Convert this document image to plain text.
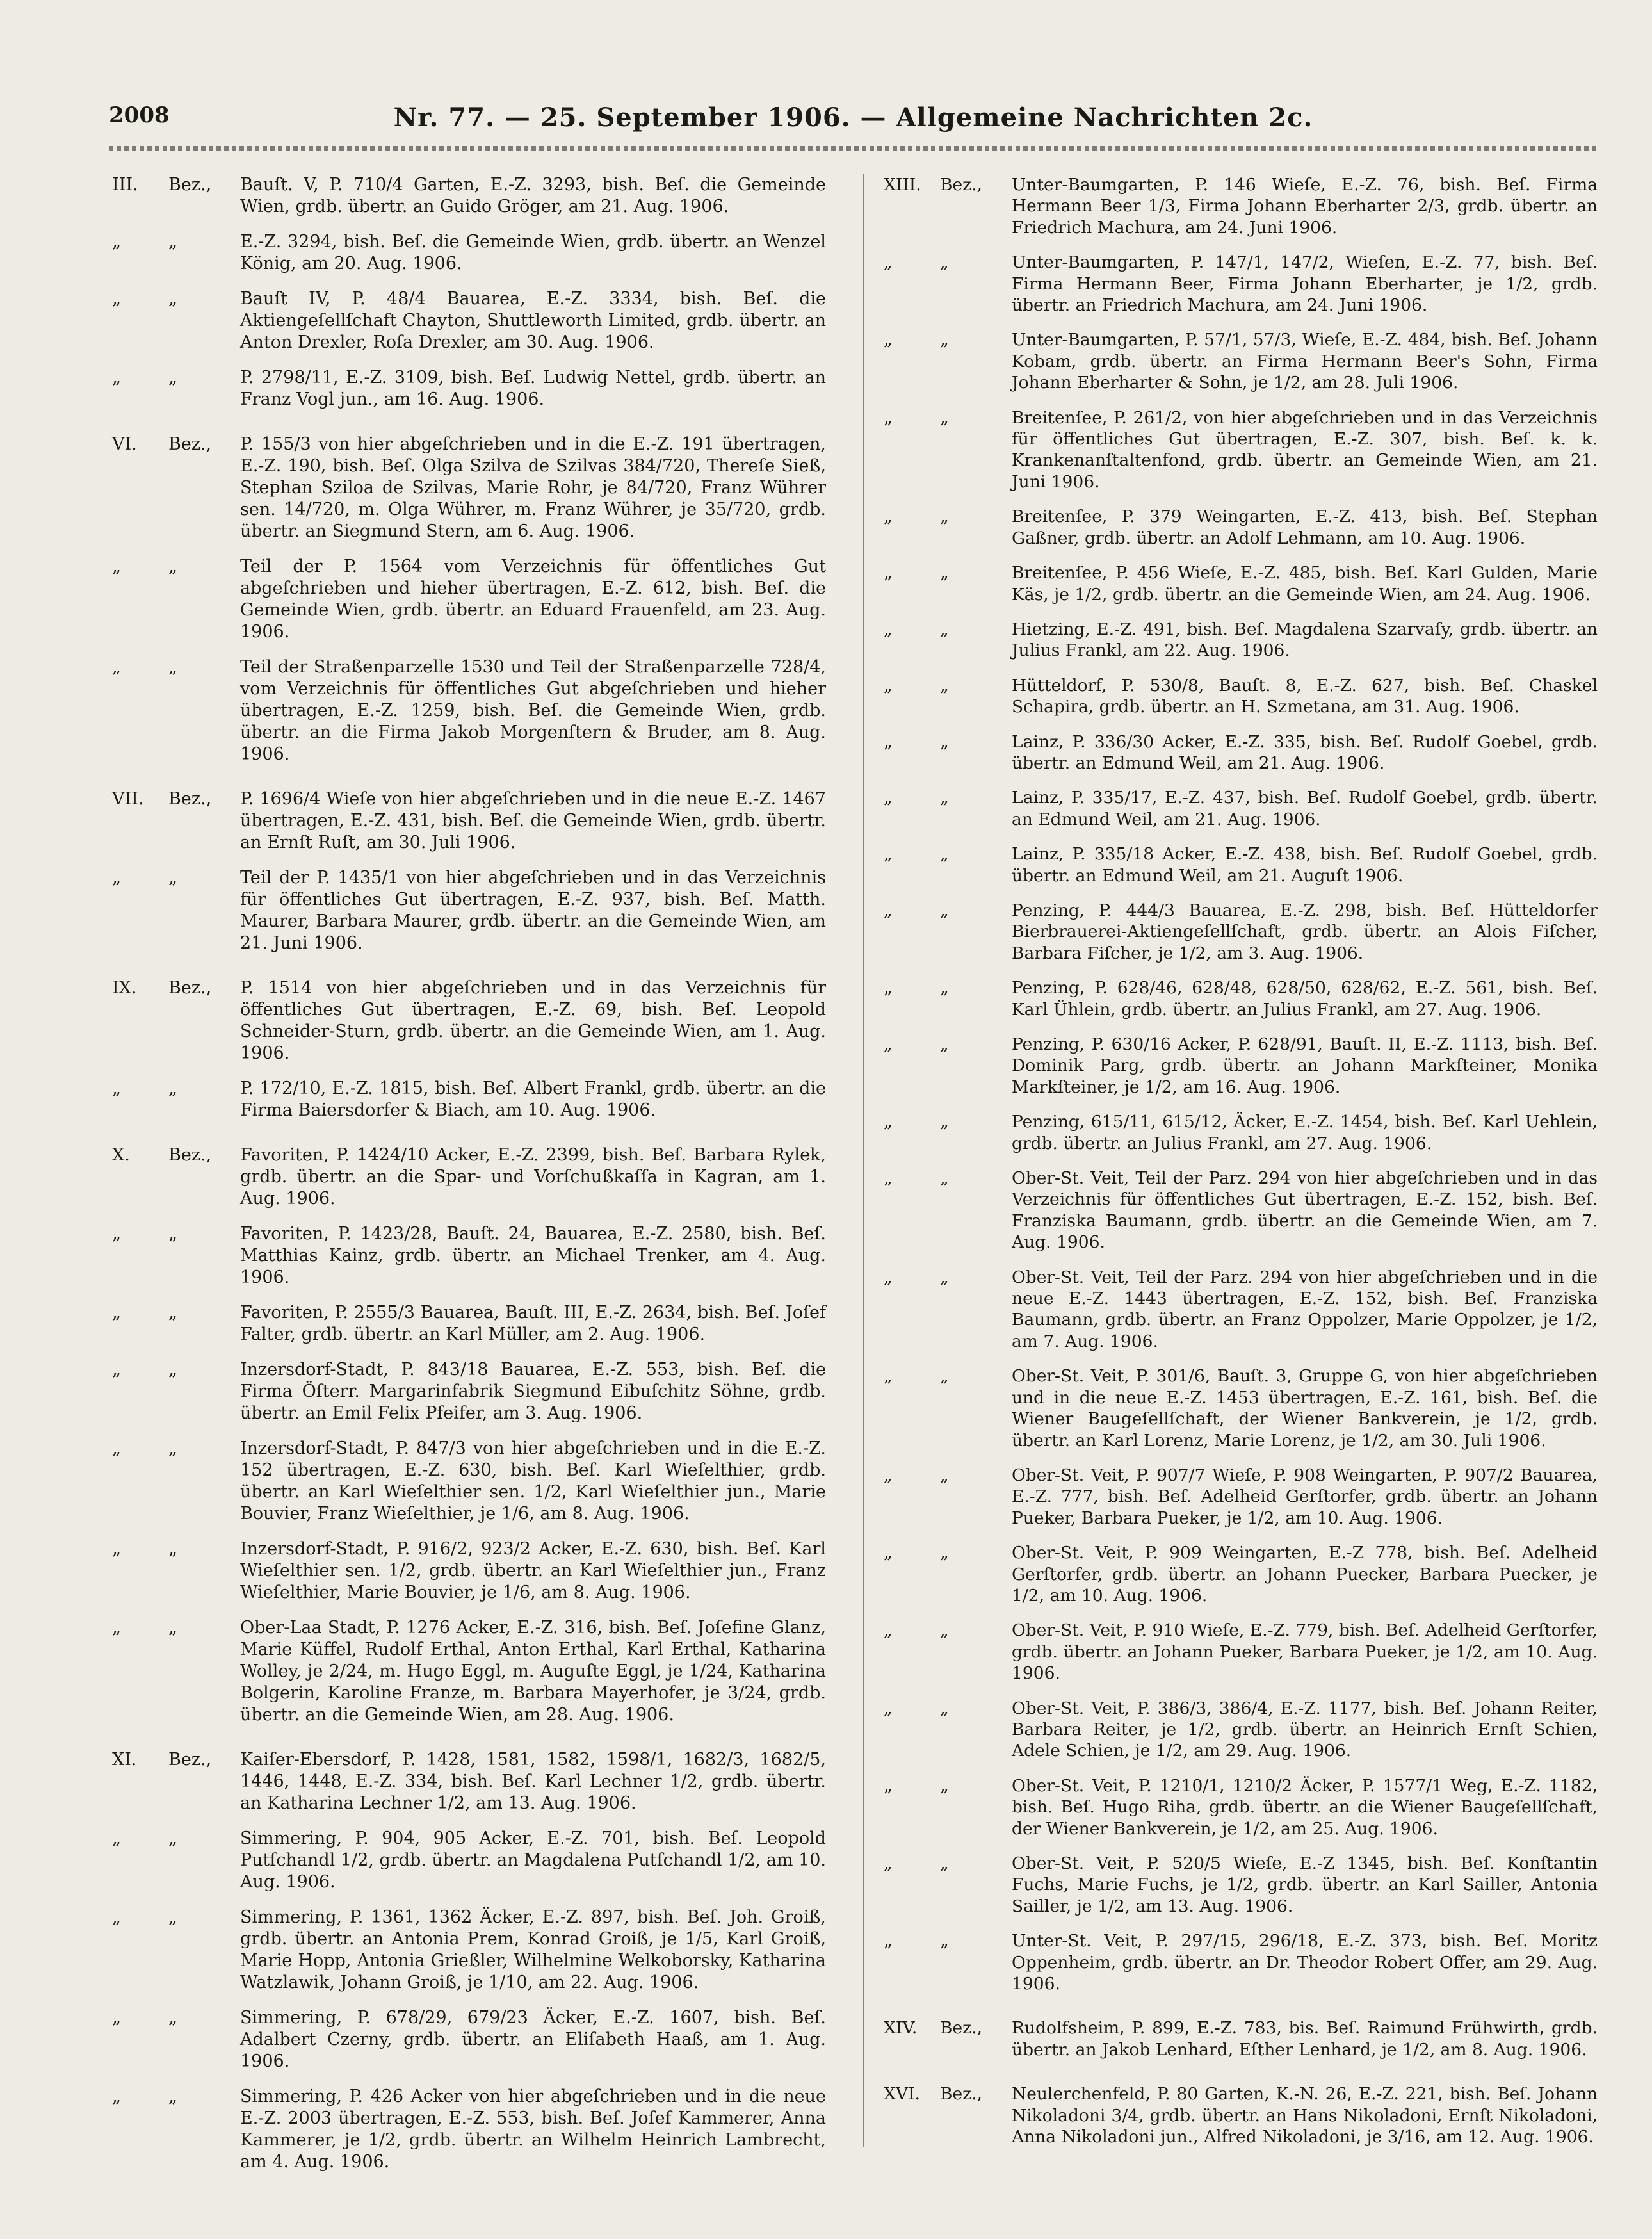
2008	Nr. 77. — 25. September 1906. — Allgemeine Nachrichten 2c.
III.	Bez.,	Bauſt. V, P. 710/4 Garten, E.-Z. 3293, bish. Beſ. die Gemeinde Wien, grdb. übertr. an Guido Gröger, am 21. Aug. 1906.
„	„	E.-Z. 3294, bish. Beſ. die Gemeinde Wien, grdb. übertr. an Wenzel König, am 20. Aug. 1906.
„	„	Bauſt IV, P. 48/4 Bauarea, E.-Z. 3334, bish. Beſ. die Aktiengeſellſchaft Chayton, Shuttleworth Limited, grdb. übertr. an Anton Drexler, Roſa Drexler, am 30. Aug. 1906.
„	„	P. 2798/11, E.-Z. 3109, bish. Beſ. Ludwig Nettel, grdb. übertr. an Franz Vogl jun., am 16. Aug. 1906.
VI.	Bez.,	P. 155/3 von hier abgeſchrieben und in die E.-Z. 191 übertragen, E.-Z. 190, bish. Beſ. Olga Szilva de Szilvas 384/720, Thereſe Sieß, Stephan Sziloa de Szilvas, Marie Rohr, je 84/720, Franz Wührer sen. 14/720, m. Olga Wührer, m. Franz Wührer, je 35/720, grdb. übertr. an Siegmund Stern, am 6. Aug. 1906.
„	„	Teil der P. 1564 vom Verzeichnis für öffentliches Gut abgeſchrieben und hieher übertragen, E.-Z. 612, bish. Beſ. die Gemeinde Wien, grdb. übertr. an Eduard Frauenfeld, am 23. Aug. 1906.
„	„	Teil der Straßenparzelle 1530 und Teil der Straßenparzelle 728/4, vom Verzeichnis für öffentliches Gut abgeſchrieben und hieher übertragen, E.-Z. 1259, bish. Beſ. die Gemeinde Wien, grdb. übertr. an die Firma Jakob Morgenſtern & Bruder, am 8. Aug. 1906.
VII.	Bez.,	P. 1696/4 Wieſe von hier abgeſchrieben und in die neue E.-Z. 1467 übertragen, E.-Z. 431, bish. Beſ. die Gemeinde Wien, grdb. übertr. an Ernſt Ruſt, am 30. Juli 1906.
„	„	Teil der P. 1435/1 von hier abgeſchrieben und in das Verzeichnis für öffentliches Gut übertragen, E.-Z. 937, bish. Beſ. Matth. Maurer, Barbara Maurer, grdb. übertr. an die Gemeinde Wien, am 21. Juni 1906.
IX.	Bez.,	P. 1514 von hier abgeſchrieben und in das Verzeichnis für öffentliches Gut übertragen, E.-Z. 69, bish. Beſ. Leopold Schneider-Sturn, grdb. übertr. an die Gemeinde Wien, am 1. Aug. 1906.
„	„	P. 172/10, E.-Z. 1815, bish. Beſ. Albert Frankl, grdb. übertr. an die Firma Baiersdorfer & Biach, am 10. Aug. 1906.
X.	Bez.,	Favoriten, P. 1424/10 Acker, E.-Z. 2399, bish. Beſ. Barbara Rylek, grdb. übertr. an die Spar- und Vorſchußkaſſa in Kagran, am 1. Aug. 1906.
„	„	Favoriten, P. 1423/28, Bauſt. 24, Bauarea, E.-Z. 2580, bish. Beſ. Matthias Kainz, grdb. übertr. an Michael Trenker, am 4. Aug. 1906.
„	„	Favoriten, P. 2555/3 Bauarea, Bauſt. III, E.-Z. 2634, bish. Beſ. Joſef Falter, grdb. übertr. an Karl Müller, am 2. Aug. 1906.
„	„	Inzersdorf-Stadt, P. 843/18 Bauarea, E.-Z. 553, bish. Beſ. die Firma Öſterr. Margarinfabrik Siegmund Eibuſchitz Söhne, grdb. übertr. an Emil Felix Pfeifer, am 3. Aug. 1906.
„	„	Inzersdorf-Stadt, P. 847/3 von hier abgeſchrieben und in die E.-Z. 152 übertragen, E.-Z. 630, bish. Beſ. Karl Wieſelthier, grdb. übertr. an Karl Wieſelthier sen. 1/2, Karl Wieſelthier jun., Marie Bouvier, Franz Wieſelthier, je 1/6, am 8. Aug. 1906.
„	„	Inzersdorf-Stadt, P. 916/2, 923/2 Acker, E.-Z. 630, bish. Beſ. Karl Wieſelthier sen. 1/2, grdb. übertr. an Karl Wieſelthier jun., Franz Wieſelthier, Marie Bouvier, je 1/6, am 8. Aug. 1906.
„	„	Ober-Laa Stadt, P. 1276 Acker, E.-Z. 316, bish. Beſ. Joſefine Glanz, Marie Küffel, Rudolf Erthal, Anton Erthal, Karl Erthal, Katharina Wolley, je 2/24, m. Hugo Eggl, m. Auguſte Eggl, je 1/24, Katharina Bolgerin, Karoline Franze, m. Barbara Mayerhofer, je 3/24, grdb. übertr. an die Gemeinde Wien, am 28. Aug. 1906.
XI.	Bez.,	Kaiſer-Ebersdorf, P. 1428, 1581, 1582, 1598/1, 1682/3, 1682/5, 1446, 1448, E.-Z. 334, bish. Beſ. Karl Lechner 1/2, grdb. übertr. an Katharina Lechner 1/2, am 13. Aug. 1906.
„	„	Simmering, P. 904, 905 Acker, E.-Z. 701, bish. Beſ. Leopold Putſchandl 1/2, grdb. übertr. an Magdalena Putſchandl 1/2, am 10. Aug. 1906.
„	„	Simmering, P. 1361, 1362 Äcker, E.-Z. 897, bish. Beſ. Joh. Groiß, grdb. übertr. an Antonia Prem, Konrad Groiß, je 1/5, Karl Groiß, Marie Hopp, Antonia Grießler, Wilhelmine Welkoborsky, Katharina Watzlawik, Johann Groiß, je 1/10, am 22. Aug. 1906.
„	„	Simmering, P. 678/29, 679/23 Äcker, E.-Z. 1607, bish. Beſ. Adalbert Czerny, grdb. übertr. an Eliſabeth Haaß, am 1. Aug. 1906.
„	„	Simmering, P. 426 Acker von hier abgeſchrieben und in die neue E.-Z. 2003 übertragen, E.-Z. 553, bish. Beſ. Joſef Kammerer, Anna Kammerer, je 1/2, grdb. übertr. an Wilhelm Heinrich Lambrecht, am 4. Aug. 1906.
XIII.	Bez.,	Unter-Baumgarten, P. 146 Wieſe, E.-Z. 76, bish. Beſ. Firma Hermann Beer 1/3, Firma Johann Eberharter 2/3, grdb. übertr. an Friedrich Machura, am 24. Juni 1906.
„	„	Unter-Baumgarten, P. 147/1, 147/2, Wieſen, E.-Z. 77, bish. Beſ. Firma Hermann Beer, Firma Johann Eberharter, je 1/2, grdb. übertr. an Friedrich Machura, am 24. Juni 1906.
„	„	Unter-Baumgarten, P. 57/1, 57/3, Wieſe, E.-Z. 484, bish. Beſ. Johann Kobam, grdb. übertr. an Firma Hermann Beer's Sohn, Firma Johann Eberharter & Sohn, je 1/2, am 28. Juli 1906.
„	„	Breitenſee, P. 261/2, von hier abgeſchrieben und in das Verzeichnis für öffentliches Gut übertragen, E.-Z. 307, bish. Beſ. k. k. Krankenanſtaltenfond, grdb. übertr. an Gemeinde Wien, am 21. Juni 1906.
„	„	Breitenſee, P. 379 Weingarten, E.-Z. 413, bish. Beſ. Stephan Gaßner, grdb. übertr. an Adolf Lehmann, am 10. Aug. 1906.
„	„	Breitenſee, P. 456 Wieſe, E.-Z. 485, bish. Beſ. Karl Gulden, Marie Käs, je 1/2, grdb. übertr. an die Gemeinde Wien, am 24. Aug. 1906.
„	„	Hietzing, E.-Z. 491, bish. Beſ. Magdalena Szarvaſy, grdb. übertr. an Julius Frankl, am 22. Aug. 1906.
„	„	Hütteldorf, P. 530/8, Bauſt. 8, E.-Z. 627, bish. Beſ. Chaskel Schapira, grdb. übertr. an H. Szmetana, am 31. Aug. 1906.
„	„	Lainz, P. 336/30 Acker, E.-Z. 335, bish. Beſ. Rudolf Goebel, grdb. übertr. an Edmund Weil, am 21. Aug. 1906.
„	„	Lainz, P. 335/17, E.-Z. 437, bish. Beſ. Rudolf Goebel, grdb. übertr. an Edmund Weil, am 21. Aug. 1906.
„	„	Lainz, P. 335/18 Acker, E.-Z. 438, bish. Beſ. Rudolf Goebel, grdb. übertr. an Edmund Weil, am 21. Auguſt 1906.
„	„	Penzing, P. 444/3 Bauarea, E.-Z. 298, bish. Beſ. Hütteldorfer Bierbrauerei-Aktiengeſellſchaft, grdb. übertr. an Alois Fiſcher, Barbara Fiſcher, je 1/2, am 3. Aug. 1906.
„	„	Penzing, P. 628/46, 628/48, 628/50, 628/62, E.-Z. 561, bish. Beſ. Karl Ühlein, grdb. übertr. an Julius Frankl, am 27. Aug. 1906.
„	„	Penzing, P. 630/16 Acker, P. 628/91, Bauſt. II, E.-Z. 1113, bish. Beſ. Dominik Parg, grdb. übertr. an Johann Markſteiner, Monika Markſteiner, je 1/2, am 16. Aug. 1906.
„	„	Penzing, 615/11, 615/12, Äcker, E.-Z. 1454, bish. Beſ. Karl Uehlein, grdb. übertr. an Julius Frankl, am 27. Aug. 1906.
„	„	Ober-St. Veit, Teil der Parz. 294 von hier abgeſchrieben und in das Verzeichnis für öffentliches Gut übertragen, E.-Z. 152, bish. Beſ. Franziska Baumann, grdb. übertr. an die Gemeinde Wien, am 7. Aug. 1906.
„	„	Ober-St. Veit, Teil der Parz. 294 von hier abgeſchrieben und in die neue E.-Z. 1443 übertragen, E.-Z. 152, bish. Beſ. Franziska Baumann, grdb. übertr. an Franz Oppolzer, Marie Oppolzer, je 1/2, am 7. Aug. 1906.
„	„	Ober-St. Veit, P. 301/6, Bauſt. 3, Gruppe G, von hier abgeſchrieben und in die neue E.-Z. 1453 übertragen, E.-Z. 161, bish. Beſ. die Wiener Baugeſellſchaft, der Wiener Bankverein, je 1/2, grdb. übertr. an Karl Lorenz, Marie Lorenz, je 1/2, am 30. Juli 1906.
„	„	Ober-St. Veit, P. 907/7 Wieſe, P. 908 Weingarten, P. 907/2 Bauarea, E.-Z. 777, bish. Beſ. Adelheid Gerſtorfer, grdb. übertr. an Johann Pueker, Barbara Pueker, je 1/2, am 10. Aug. 1906.
„	„	Ober-St. Veit, P. 909 Weingarten, E.-Z 778, bish. Beſ. Adelheid Gerſtorfer, grdb. übertr. an Johann Puecker, Barbara Puecker, je 1/2, am 10. Aug. 1906.
„	„	Ober-St. Veit, P. 910 Wieſe, E.-Z. 779, bish. Beſ. Adelheid Gerſtorfer, grdb. übertr. an Johann Pueker, Barbara Pueker, je 1/2, am 10. Aug. 1906.
„	„	Ober-St. Veit, P. 386/3, 386/4, E.-Z. 1177, bish. Beſ. Johann Reiter, Barbara Reiter, je 1/2, grdb. übertr. an Heinrich Ernſt Schien, Adele Schien, je 1/2, am 29. Aug. 1906.
„	„	Ober-St. Veit, P. 1210/1, 1210/2 Äcker, P. 1577/1 Weg, E.-Z. 1182, bish. Beſ. Hugo Riha, grdb. übertr. an die Wiener Baugeſellſchaft, der Wiener Bankverein, je 1/2, am 25. Aug. 1906.
„	„	Ober-St. Veit, P. 520/5 Wieſe, E.-Z 1345, bish. Beſ. Konſtantin Fuchs, Marie Fuchs, je 1/2, grdb. übertr. an Karl Sailler, Antonia Sailler, je 1/2, am 13. Aug. 1906.
„	„	Unter-St. Veit, P. 297/15, 296/18, E.-Z. 373, bish. Beſ. Moritz Oppenheim, grdb. übertr. an Dr. Theodor Robert Offer, am 29. Aug. 1906.
XIV.	Bez.,	Rudolfsheim, P. 899, E.-Z. 783, bis. Beſ. Raimund Frühwirth, grdb. übertr. an Jakob Lenhard, Eſther Lenhard, je 1/2, am 8. Aug. 1906.
XVI.	Bez.,	Neulerchenfeld, P. 80 Garten, K.-N. 26, E.-Z. 221, bish. Beſ. Johann Nikoladoni 3/4, grdb. übertr. an Hans Nikoladoni, Ernſt Nikoladoni, Anna Nikoladoni jun., Alfred Nikoladoni, je 3/16, am 12. Aug. 1906.
